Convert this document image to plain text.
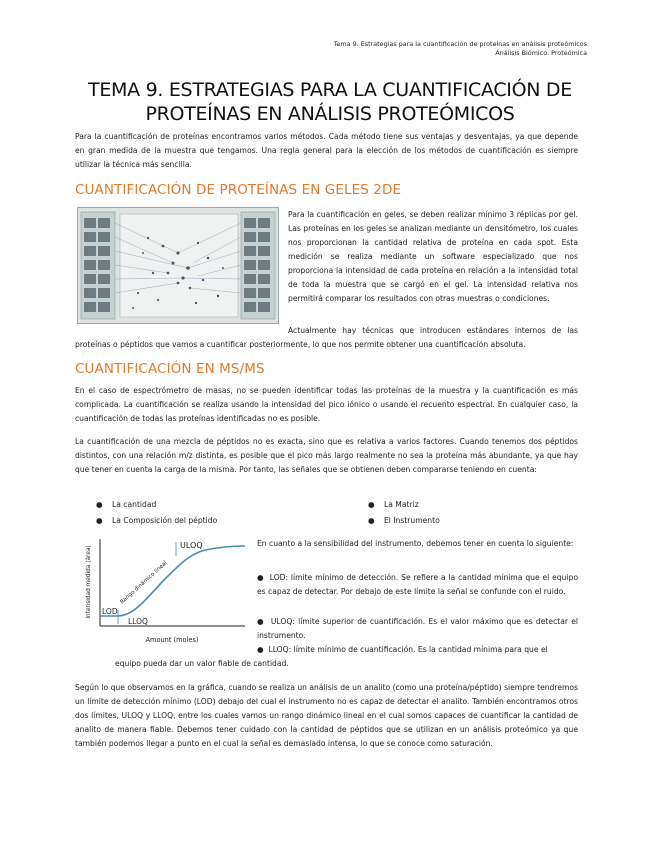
Tema 9. Estrategias para la cuantificación de proteínas en análisis proteómicos
Análisis Biómico. Proteómica
TEMA 9. ESTRATEGIAS PARA LA CUANTIFICACIÓN DE
PROTEÍNAS EN ANÁLISIS PROTEÓMICOS
Para la cuantificación de proteínas encontramos varios métodos. Cada método tiene sus ventajas y desventajas, ya que depende en gran medida de la muestra que tengamos. Una regla general para la elección de los métodos de cuantificación es siempre utilizar la técnica más sencilla.
CUANTIFICACIÓN DE PROTEÍNAS EN GELES 2DE
Para la cuantificación en geles, se deben realizar mínimo 3 réplicas por gel. Las proteínas en los geles se analizan mediante un densitómetro, los cuales nos proporcionan la cantidad relativa de proteína en cada spot. Esta medición se realiza mediante un software especializado que nos proporciona la intensidad de cada proteína en relación a la intensidad total de toda la muestra que se cargó en el gel. La intensidad relativa nos permitirá comparar los resultados con otras muestras o condiciones.
Actualmente hay técnicas que introducen estándares internos de las proteínas o péptidos que vamos a cuantificar posteriormente, lo que nos permite obtener una cuantificación absoluta.
CUANTIFICACIÓN EN MS/MS
En el caso de espectrómetro de masas, no se pueden identificar todas las proteínas de la muestra y la cuantificación es más complicada. La cuantificación se realiza usando la intensidad del pico iónico o usando el recuento espectral. En cualquier caso, la cuantificación de todas las proteínas identificadas no es posible.
La cuantificación de una mezcla de péptidos no es exacta, sino que es relativa a varios factores. Cuando tenemos dos péptidos distintos, con una relación m/z distinta, es posible que el pico más largo realmente no sea la proteína más abundante, ya que hay que tener en cuenta la carga de la misma. Por tanto, las señales que se obtienen deben compararse teniendo en cuenta:
● La cantidad
● La Composición del péptido
● La Matriz
● El Instrumento
ULOQ
LOD
LLOQ
Rango dinámico lineal
Intensidad medida (área)
Amount (moles)
En cuanto a la sensibilidad del instrumento, debemos tener en cuenta lo siguiente:
●  LOD: límite mínimo de detección. Se refiere a la cantidad mínima que el equipo es capaz de detectar. Por debajo de este límite la señal se confunde con el ruido.
●  ULOQ: límite superior de cuantificación. Es el valor máximo que es detectar el instrumento.
●  LLOQ: límite mínimo de cuantificación. Es la cantidad mínima para que el
equipo pueda dar un valor fiable de cantidad.
Según lo que observamos en la gráfica, cuando se realiza un análisis de un analito (como una proteína/péptido) siempre tendremos un límite de detección mínimo (LOD) debajo del cual el instrumento no es capaz de detectar el analito. También encontramos otros dos límites, ULOQ y LLOQ, entre los cuales vamos un rango dinámico lineal en el cual somos capaces de cuantificar la cantidad de analito de manera fiable. Debemos tener cuidado con la cantidad de péptidos que se utilizan en un análisis proteómico ya que también podemos llegar a punto en el cual la señal es demasiado intensa, lo que se conoce como saturación.
